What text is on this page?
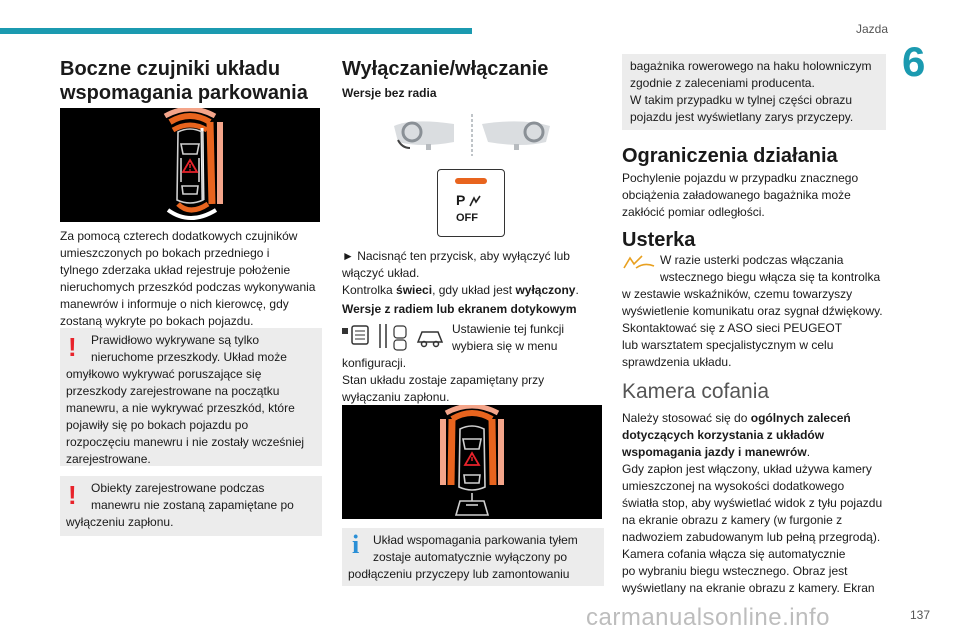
Jazda
6
137
Boczne czujniki układu
wspomagania parkowania

Za pomocą czterech dodatkowych czujników
umieszczonych po bokach przedniego i
tylnego zderzaka układ rejestruje położenie
nieruchomych przeszkód podczas wykonywania
manewrów i informuje o nich kierowcę, gdy
zostaną wykryte po bokach pojazdu.

!	Prawidłowo wykrywane są tylko
nieruchome przeszkody. Układ może
omyłkowo wykrywać poruszające się
przeszkody zarejestrowane na początku
manewru, a nie wykrywać przeszkód, które
pojawiły się po bokach pojazdu po
rozpoczęciu manewru i nie zostały wcześniej
zarejestrowane.
!	Obiekty zarejestrowane podczas
manewru nie zostaną zapamiętane po
wyłączeniu zapłonu.
Wyłączanie/włączanie
Wersje bez radia
P
OFF

► Nacisnąć ten przycisk, aby wyłączyć lub
włączyć układ.
Kontrolka świeci, gdy układ jest wyłączony.

Wersje z radiem lub ekranem dotykowym

Ustawienie tej funkcji
wybiera się w menu
konfiguracji.
Stan układu zostaje zapamiętany przy
wyłączaniu zapłonu.

i	Układ wspomagania parkowania tyłem
zostaje automatycznie wyłączony po
podłączeniu przyczepy lub zamontowaniu
bagażnika rowerowego na haku holowniczym
zgodnie z zaleceniami producenta.
W takim przypadku w tylnej części obrazu
pojazdu jest wyświetlany zarys przyczepy.
Ograniczenia działania

Pochylenie pojazdu w przypadku znacznego
obciążenia załadowanego bagażnika może
zakłócić pomiar odległości.

Usterka

W razie usterki podczas włączania
wstecznego biegu włącza się ta kontrolka
w zestawie wskaźników, czemu towarzyszy
wyświetlenie komunikatu oraz sygnał dźwiękowy.
Skontaktować się z ASO sieci PEUGEOT
lub warsztatem specjalistycznym w celu
sprawdzenia układu.

Kamera cofania

Należy stosować się do ogólnych zaleceń
dotyczących korzystania z układów
wspomagania jazdy i manewrów.
Gdy zapłon jest włączony, układ używa kamery
umieszczonej na wysokości dodatkowego
światła stop, aby wyświetlać widok z tyłu pojazdu
na ekranie obrazu z kamery (w furgonie z
nadwoziem zabudowanym lub pełną przegrodą).
Kamera cofania włącza się automatycznie
po wybraniu biegu wstecznego. Obraz jest
wyświetlany na ekranie obrazu z kamery. Ekran

carmanualsonline.info
